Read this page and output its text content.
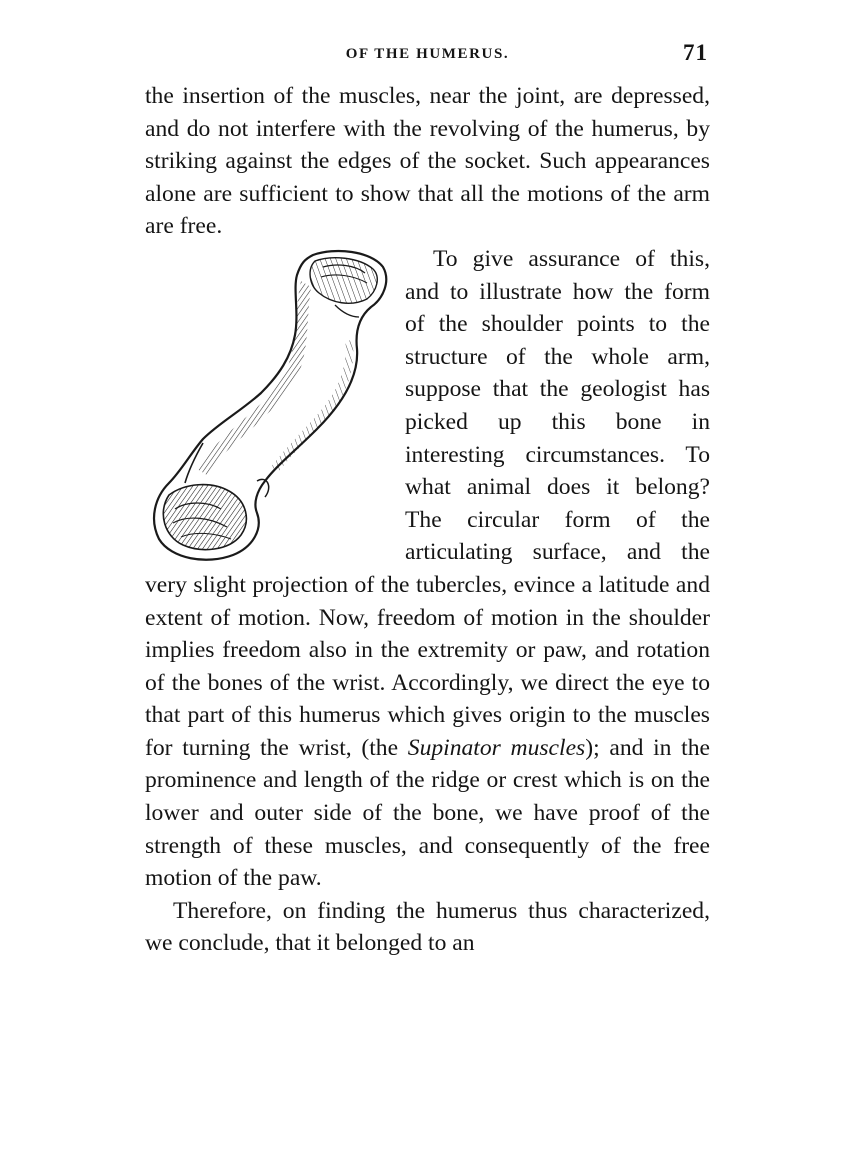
OF THE HUMERUS.	71

the insertion of the muscles, near the joint, are depressed, and do not interfere with the revolving of the humerus, by striking against the edges of the socket. Such appearances alone are sufficient to show that all the motions of the arm are free.

To give assurance of this, and to illustrate how the form of the shoulder points to the structure of the whole arm, suppose that the geologist has picked up this bone in interesting circumstances. To what animal does it belong? The circular form of the articulating surface, and the very slight projection of the tubercles, evince a latitude and extent of motion. Now, freedom of motion in the shoulder implies freedom also in the extremity or paw, and rotation of the bones of the wrist. Accordingly, we direct the eye to that part of this humerus which gives origin to the muscles for turning the wrist, (the Supinator muscles); and in the prominence and length of the ridge or crest which is on the lower and outer side of the bone, we have proof of the strength of these muscles, and consequently of the free motion of the paw.

Therefore, on finding the humerus thus characterized, we conclude, that it belonged to an
